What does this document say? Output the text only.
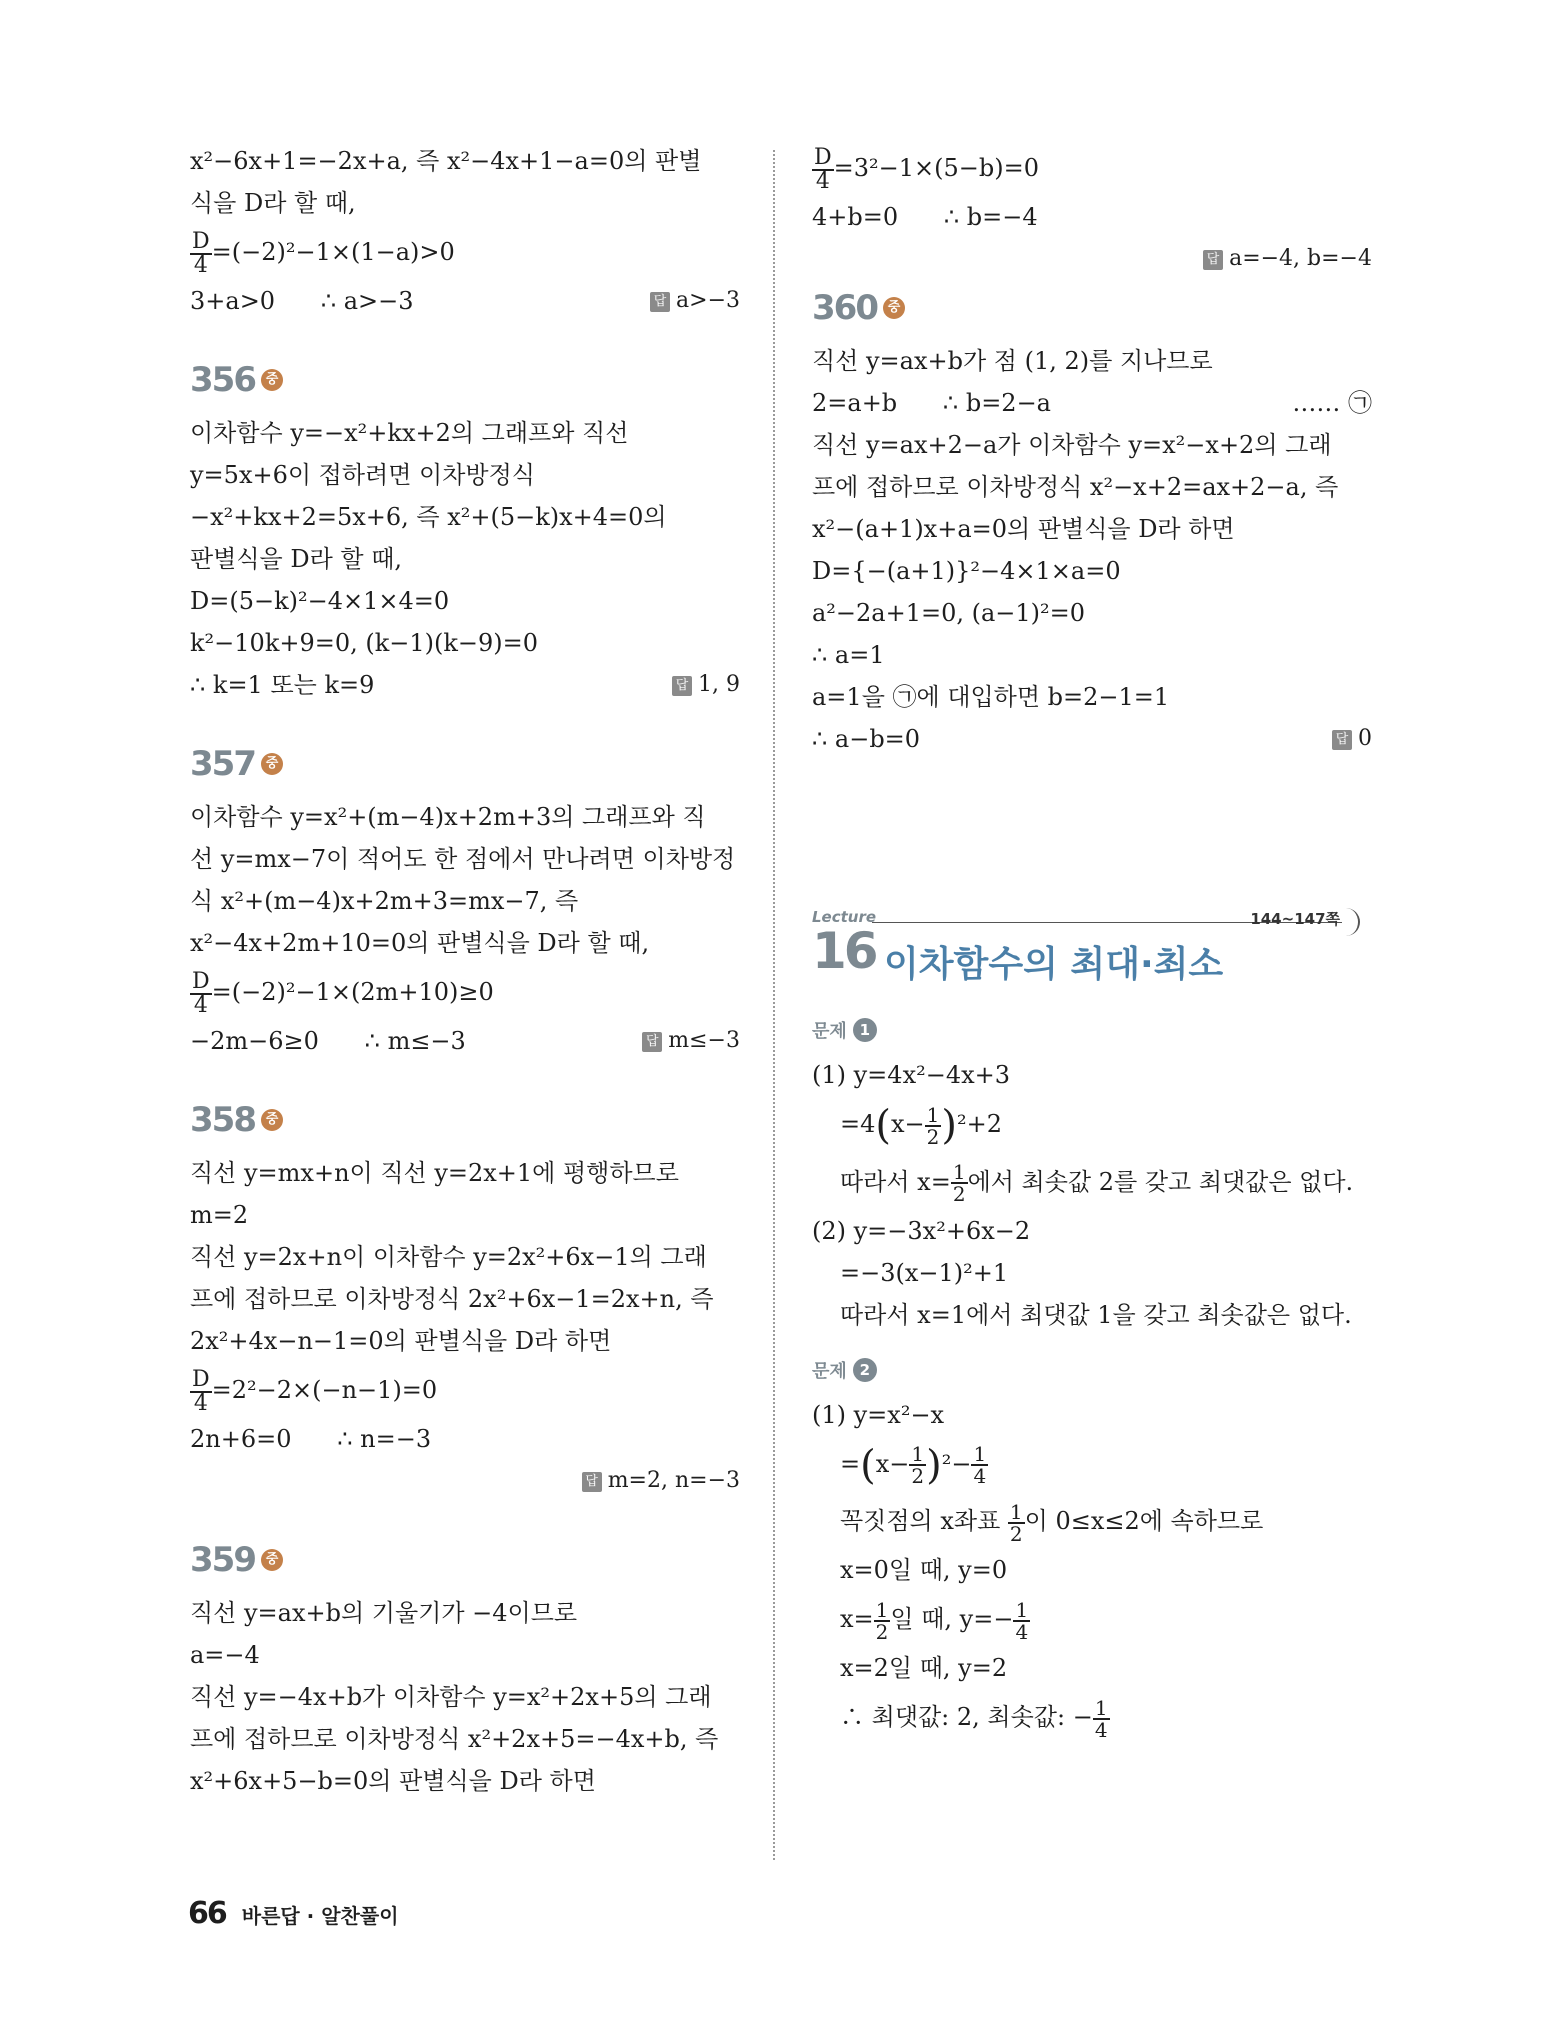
x²−6x+1=−2x+a, 즉 x²−4x+1−a=0의 판별

식을 D라 할 때,

$\frac{D}{4} =(-2)^2-1\times(1-a)>0$

3+a>0      ∴ a>−3	답 a>−3

356 중

이차함수 y=−x²+kx+2의 그래프와 직선

y=5x+6이 접하려면 이차방정식

−x²+kx+2=5x+6, 즉 x²+(5−k)x+4=0의

판별식을 D라 할 때,

D=(5−k)²−4×1×4=0

k²−10k+9=0, (k−1)(k−9)=0

∴ k=1 또는 k=9	답 1, 9

357 중

이차함수 y=x²+(m−4)x+2m+3의 그래프와 직

선 y=mx−7이 적어도 한 점에서 만나려면 이차방정

식 x²+(m−4)x+2m+3=mx−7, 즉

x²−4x+2m+10=0의 판별식을 D라 할 때,

$\frac{D}{4} =(-2)^2-1\times(2m+10)\ge 0$

−2m−6≥0      ∴ m≤−3	답 m≤−3

358 중

직선 y=mx+n이 직선 y=2x+1에 평행하므로

m=2

직선 y=2x+n이 이차함수 y=2x²+6x−1의 그래

프에 접하므로 이차방정식 2x²+6x−1=2x+n, 즉

2x²+4x−n−1=0의 판별식을 D라 하면

$\frac{D}{4} =2^2-2\times(-n-1)=0$

2n+6=0      ∴ n=−3

답 m=2, n=−3

359 중

직선 y=ax+b의 기울기가 −4이므로

a=−4

직선 y=−4x+b가 이차함수 y=x²+2x+5의 그래

프에 접하므로 이차방정식 x²+2x+5=−4x+b, 즉

x²+6x+5−b=0의 판별식을 D라 하면

$\frac{D}{4} =3^2-1\times(5-b)=0$

4+b=0      ∴ b=−4

답 a=−4, b=−4

360 중

직선 y=ax+b가 점 (1, 2)를 지나므로

2=a+b      ∴ b=2−a	…… ㉠

직선 y=ax+2−a가 이차함수 y=x²−x+2의 그래

프에 접하므로 이차방정식 x²−x+2=ax+2−a, 즉

x²−(a+1)x+a=0의 판별식을 D라 하면

D={−(a+1)}²−4×1×a=0

a²−2a+1=0, (a−1)²=0

∴ a=1

a=1을 ㉠에 대입하면 b=2−1=1

∴ a−b=0	답 0

Lecture	144~147쪽
16 이차함수의 최대·최소
문제 1

(1) y=4x²−4x+3

$=4(x- \frac{1}{2} )^2+2$

따라서 $x= \frac{1}{2}$ 에서 최솟값 2를 갖고 최댓값은 없다.

(2) y=−3x²+6x−2

=−3(x−1)²+1

따라서 x=1에서 최댓값 1을 갖고 최솟값은 없다.

문제 2

(1) y=x²−x

$=(x- \frac{1}{2} )^2- \frac{1}{4}$

꼭짓점의 x좌표 $\frac{1}{2}$ 이 0≤x≤2에 속하므로

x=0일 때, y=0

$x= \frac{1}{2}$ 일 때, $y=- \frac{1}{4}$

x=2일 때, y=2

∴ 최댓값: 2, 최솟값: − $\frac{1}{4}$

66 바른답 · 알찬풀이
